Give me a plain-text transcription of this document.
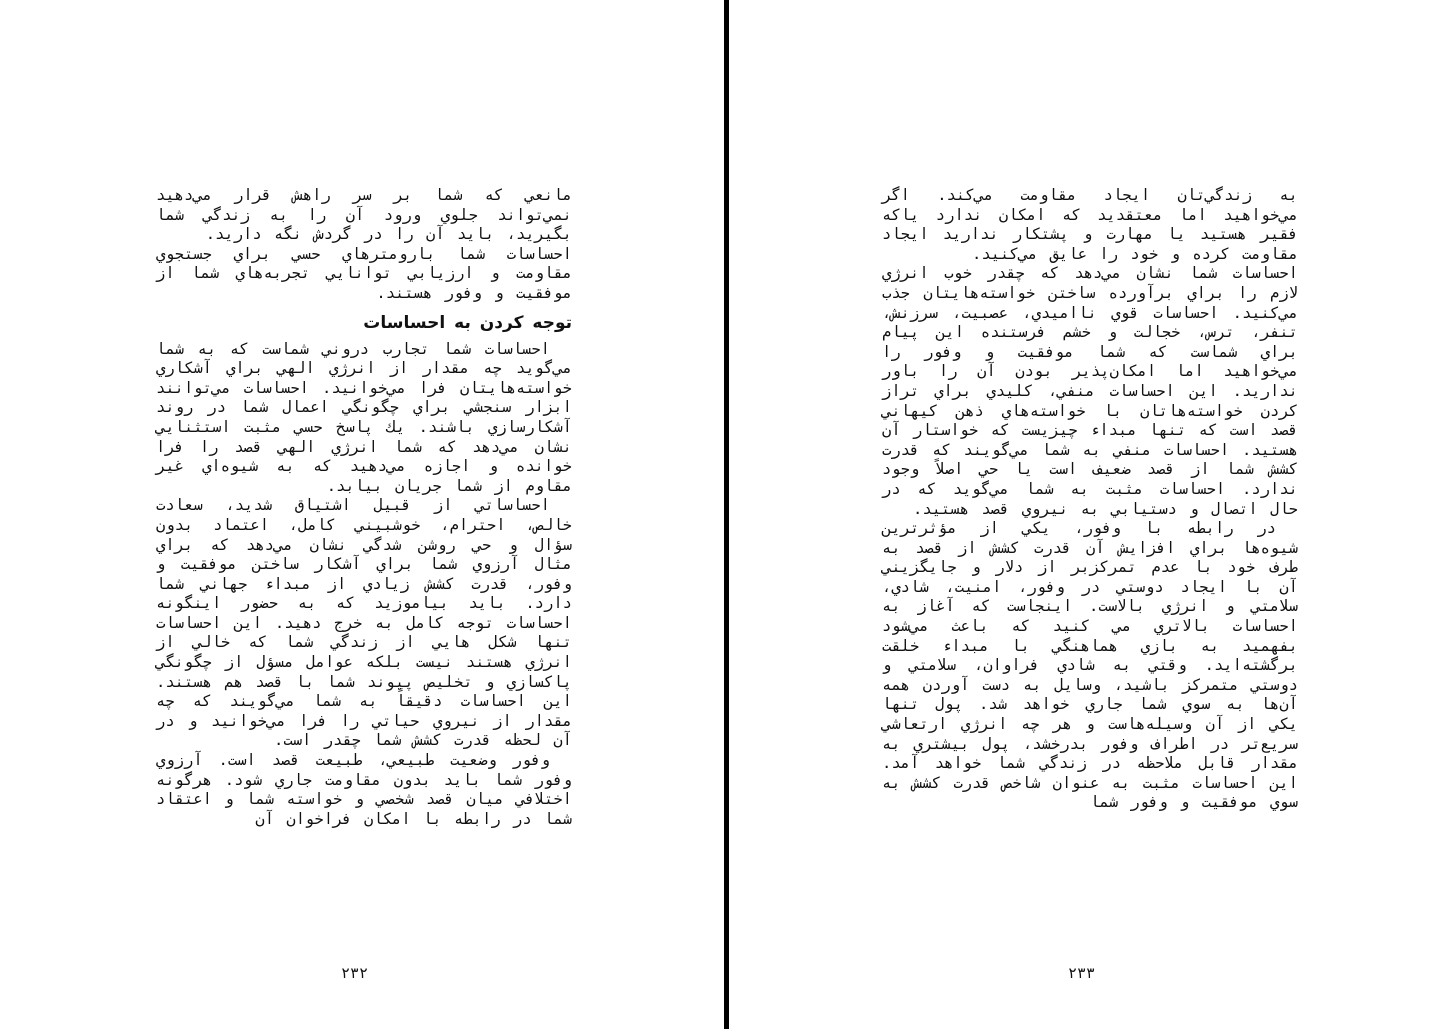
مانعي که شما بر سر راهش قرار مي‌دهيد نمي‌تواند جلوي ورود آن را به زندگي شما بگيريد، بايد آن را در گردش نگه داريد.

احساسات شما بارومترهاي حسي براي جستجوي مقاومت و ارزيابي توانايي تجربه‌هاي شما از موفقيت و وفور هستند.

توجه کردن به احساسات

احساسات شما تجارب دروني شماست که به شما مي‌گويد چه مقدار از انرژي الهي براي آشکاري خواسته‌هايتان فرا مي‌خوانيد. احساسات مي‌توانند ابزار سنجشي براي چگونگي اعمال شما در روند آشکارسازي باشند. يك پاسخ حسي مثبت استثنايي نشان مي‌دهد که شما انرژي الهي قصد را فرا خوانده و اجازه مي‌دهيد که به شيوه‌اي غير مقاوم از شما جريان بيابد.

احساساتي از قبيل اشتياق شديد، سعادت خالص، احترام، خوشبيني کامل، اعتماد بدون سؤال و حي روشن شدگي نشان مي‌دهد که براي مثال آرزوي شما براي آشکار ساختن موفقيت و وفور، قدرت کشش زيادي از مبداء جهاني شما دارد. بايد بياموزيد که به حضور اينگونه احساسات توجه کامل به خرج دهيد. اين احساسات تنها شکل هايي از زندگي شما که خالي از انرژي هستند نيست بلکه عوامل مسؤل از چگونگي پاکسازي و تخليص پيوند شما با قصد هم هستند. اين احساسات دقيقاً به شما مي‌گويند که چه مقدار از نيروي حياتي را فرا مي‌خوانيد و در آن لحظه قدرت کشش شما چقدر است.

وفور وضعيت طبيعي، طبيعت قصد است. آرزوي وفور شما بايد بدون مقاومت جاري شود. هرگونه اختلافي ميان قصد شخصي و خواسته شما و اعتقاد شما در رابطه با امکان فراخوان آن

به زندگي‌تان ايجاد مقاومت مي‌کند. اگر مي‌خواهيد اما معتقديد که امکان ندارد ياکه فقير هستيد يا مهارت و پشتکار نداريد ايجاد مقاومت کرده و خود را عايق مي‌کنيد.

احساسات شما نشان مي‌دهد که چقدر خوب انرژي لازم را براي برآورده ساختن خواسته‌هايتان جذب مي‌کنيد. احساسات قوي نااميدي، عصبيت، سرزنش، تنفر، ترس، خجالت و خشم فرستنده اين پيام براي شماست که شما موفقيت و وفور را مي‌خواهيد اما امکان‌پذير بودن آن را باور نداريد. اين احساسات منفي، کليدي براي تراز کردن خواسته‌هاتان با خواسته‌هاي ذهن کيهاني قصد است که تنها مبداء چيزيست که خواستار آن هستيد. احساسات منفي به شما مي‌گويند که قدرت کشش شما از قصد ضعيف است يا حي اصلاً وجود ندارد. احساسات مثبت به شما مي‌گويد که در حال اتصال و دستيابي به نيروي قصد هستيد.

در رابطه با وفور، يكي از مؤثرترين شيوه‌ها براي افزايش آن قدرت کشش از قصد به طرف خود با عدم تمرکزبر از دلار و جايگزيني آن با ايجاد دوستي در وفور، امنيت، شادي، سلامتي و انرژي بالاست. اينجاست که آغاز به احساسات بالاتري مي کنيد که باعث مي‌شود بفهميد به بازي هماهنگي با مبداء خلقت برگشته‌ايد. وقتي به شادي فراوان، سلامتي و دوستي متمرکز باشيد، وسايل به دست آوردن همه آن‌ها به سوي شما جاري خواهد شد. پول تنها يكي از آن وسيله‌هاست و هر چه انرژي ارتعاشي سريع‌تر در اطراف وفور بدرخشد، پول بيشتري به مقدار قابل ملاحظه در زندگي شما خواهد آمد. اين احساسات مثبت به عنوان شاخص قدرت کشش به سوي موفقيت و وفور شما

٢٣٢	٢٣٣
